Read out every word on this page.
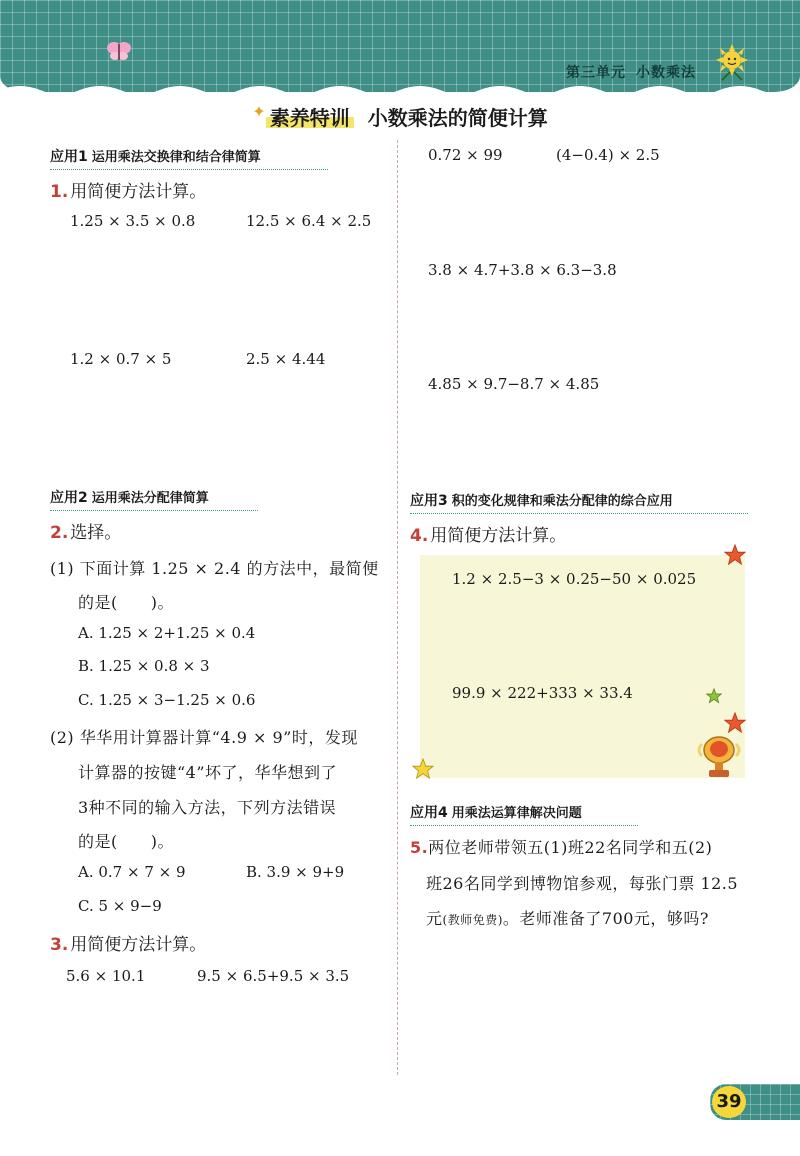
第三单元 小数乘法
✦ 素养特训 小数乘法的简便计算
应用1 运用乘法交换律和结合律简算
1. 用简便方法计算。
1.25 × 3.5 × 0.8	12.5 × 6.4 × 2.5
1.2 × 0.7 × 5	2.5 × 4.44
应用2 运用乘法分配律简算
2. 选择。
(1) 下面计算 1.25 × 2.4 的方法中，最简便
的是(　　)。
A. 1.25 × 2+1.25 × 0.4
B. 1.25 × 0.8 × 3
C. 1.25 × 3−1.25 × 0.6
(2) 华华用计算器计算“4.9 × 9”时，发现
计算器的按键“4”坏了，华华想到了
3种不同的输入方法，下列方法错误
的是(　　)。
A. 0.7 × 7 × 9	B. 3.9 × 9+9
C. 5 × 9−9
3. 用简便方法计算。
5.6 × 10.1	9.5 × 6.5+9.5 × 3.5
0.72 × 99	(4−0.4) × 2.5
3.8 × 4.7+3.8 × 6.3−3.8
4.85 × 9.7−8.7 × 4.85
应用3 积的变化规律和乘法分配律的综合应用
4. 用简便方法计算。
1.2 × 2.5−3 × 0.25−50 × 0.025
99.9 × 222+333 × 33.4
应用4 用乘法运算律解决问题
5.两位老师带领五(1)班22名同学和五(2)
班26名同学到博物馆参观，每张门票 12.5
元(教师免费)。老师准备了700元，够吗?
39
